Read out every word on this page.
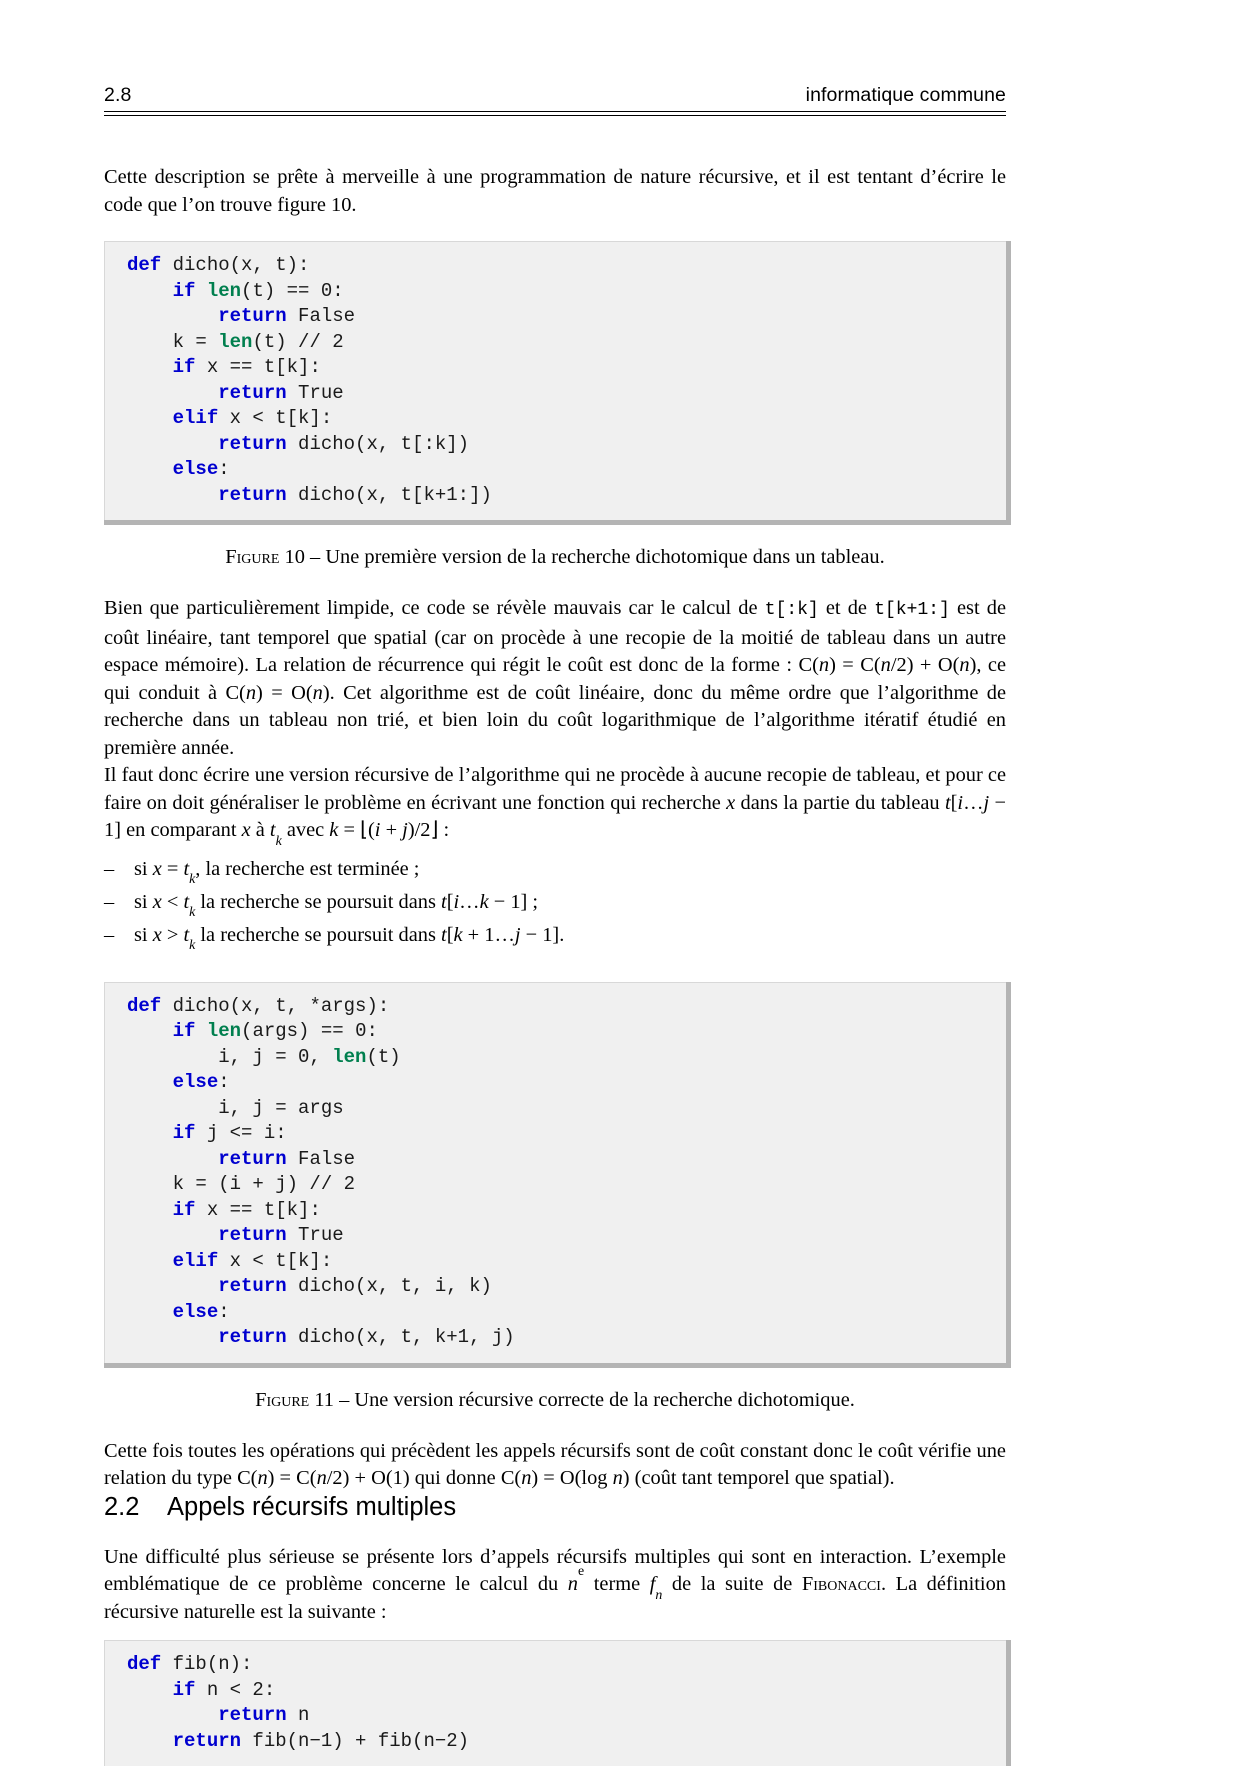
2.8	informatique commune

Cette description se prête à merveille à une programmation de nature récursive, et il est tentant d’écrire le code que l’on trouve figure 10.

def dicho(x, t):
if len(t) == 0:
return False
k = len(t) // 2
if x == t[k]:
return True
elif x < t[k]:
return dicho(x, t[:k])
else:
return dicho(x, t[k+1:])
Figure 10 – Une première version de la recherche dichotomique dans un tableau.

Bien que particulièrement limpide, ce code se révèle mauvais car le calcul de t[:k] et de t[k+1:] est de coût linéaire, tant temporel que spatial (car on procède à une recopie de la moitié de tableau dans un autre espace mémoire). La relation de récurrence qui régit le coût est donc de la forme : C(n) = C(n/2) + O(n), ce qui conduit à C(n) = O(n). Cet algorithme est de coût linéaire, donc du même ordre que l’algorithme de recherche dans un tableau non trié, et bien loin du coût logarithmique de l’algorithme itératif étudié en première année.

Il faut donc écrire une version récursive de l’algorithme qui ne procède à aucune recopie de tableau, et pour ce faire on doit généraliser le problème en écrivant une fonction qui recherche x dans la partie du tableau t[i…j − 1] en comparant x à $t_k$ avec k = ⌊(i + j)/2⌋ :

– si $x = t_k$, la recherche est terminée ;
– si $x < t_k$ la recherche se poursuit dans t[i…k − 1] ;
– si $x > t_k$ la recherche se poursuit dans t[k + 1…j − 1].
def dicho(x, t, *args):
if len(args) == 0:
i, j = 0, len(t)
else:
i, j = args
if j <= i:
return False
k = (i + j) // 2
if x == t[k]:
return True
elif x < t[k]:
return dicho(x, t, i, k)
else:
return dicho(x, t, k+1, j)
Figure 11 – Une version récursive correcte de la recherche dichotomique.

Cette fois toutes les opérations qui précèdent les appels récursifs sont de coût constant donc le coût vérifie une relation du type C(n) = C(n/2) + O(1) qui donne C(n) = O(log n) (coût tant temporel que spatial).

2.2	Appels récursifs multiples

Une difficulté plus sérieuse se présente lors d’appels récursifs multiples qui sont en interaction. L’exemple emblématique de ce problème concerne le calcul du $n^e$ terme $f_n$ de la suite de Fibonacci. La définition récursive naturelle est la suivante :

def fib(n):
if n < 2:
return n
return fib(n−1) + fib(n−2)
